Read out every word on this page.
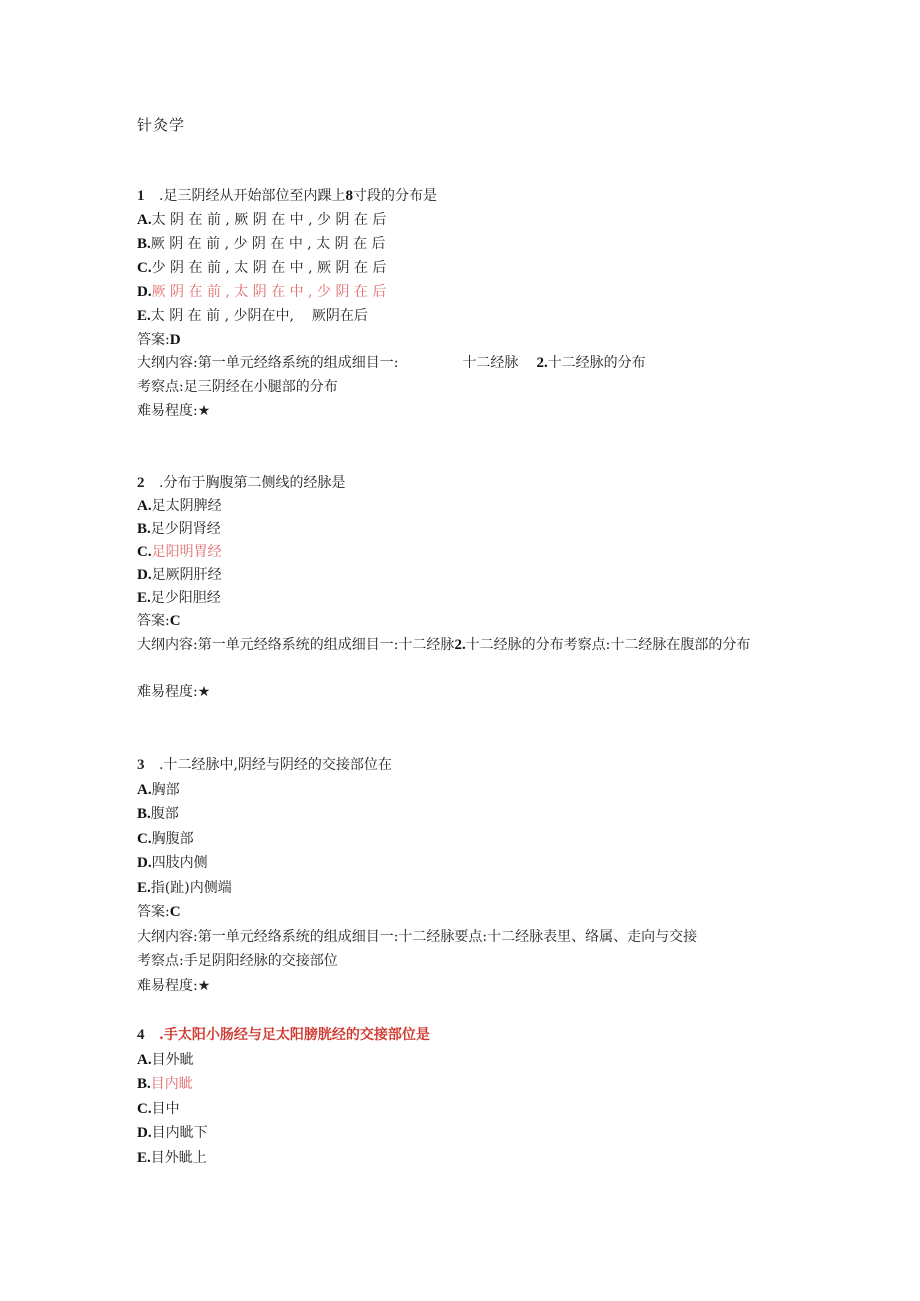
针灸学
1 .足三阴经从开始部位至内踝上8寸段的分布是
A.太 阴 在 前 , 厥 阴 在 中 , 少 阴 在 后
B.厥 阴 在 前 , 少 阴 在 中 , 太 阴 在 后
C.少 阴 在 前 , 太 阴 在 中 , 厥 阴 在 后
D.厥 阴 在 前 , 太 阴 在 中 , 少 阴 在 后
E.太 阴 在 前 , 少阴在中, 厥阴在后
答案:D
大纲内容:第一单元经络系统的组成细目一:	十二经脉 2.十二经脉的分布
考察点:足三阴经在小腿部的分布
难易程度:★
2 .分布于胸腹第二侧线的经脉是
A.足太阴脾经
B.足少阴肾经
C.足阳明胃经
D.足厥阴肝经
E.足少阳胆经
答案:C
大纲内容:第一单元经络系统的组成细目一:十二经脉2.十二经脉的分布考察点:十二经脉在腹部的分布
难易程度:★
3 .十二经脉中,阴经与阴经的交接部位在
A.胸部
B.腹部
C.胸腹部
D.四肢内侧
E.指(趾)内侧端
答案:C
大纲内容:第一单元经络系统的组成细目一:十二经脉要点:十二经脉表里、络属、走向与交接
考察点:手足阴阳经脉的交接部位
难易程度:★
4 .手太阳小肠经与足太阳膀胱经的交接部位是
A.目外眦
B.目内眦
C.目中
D.目内眦下
E.目外眦上
